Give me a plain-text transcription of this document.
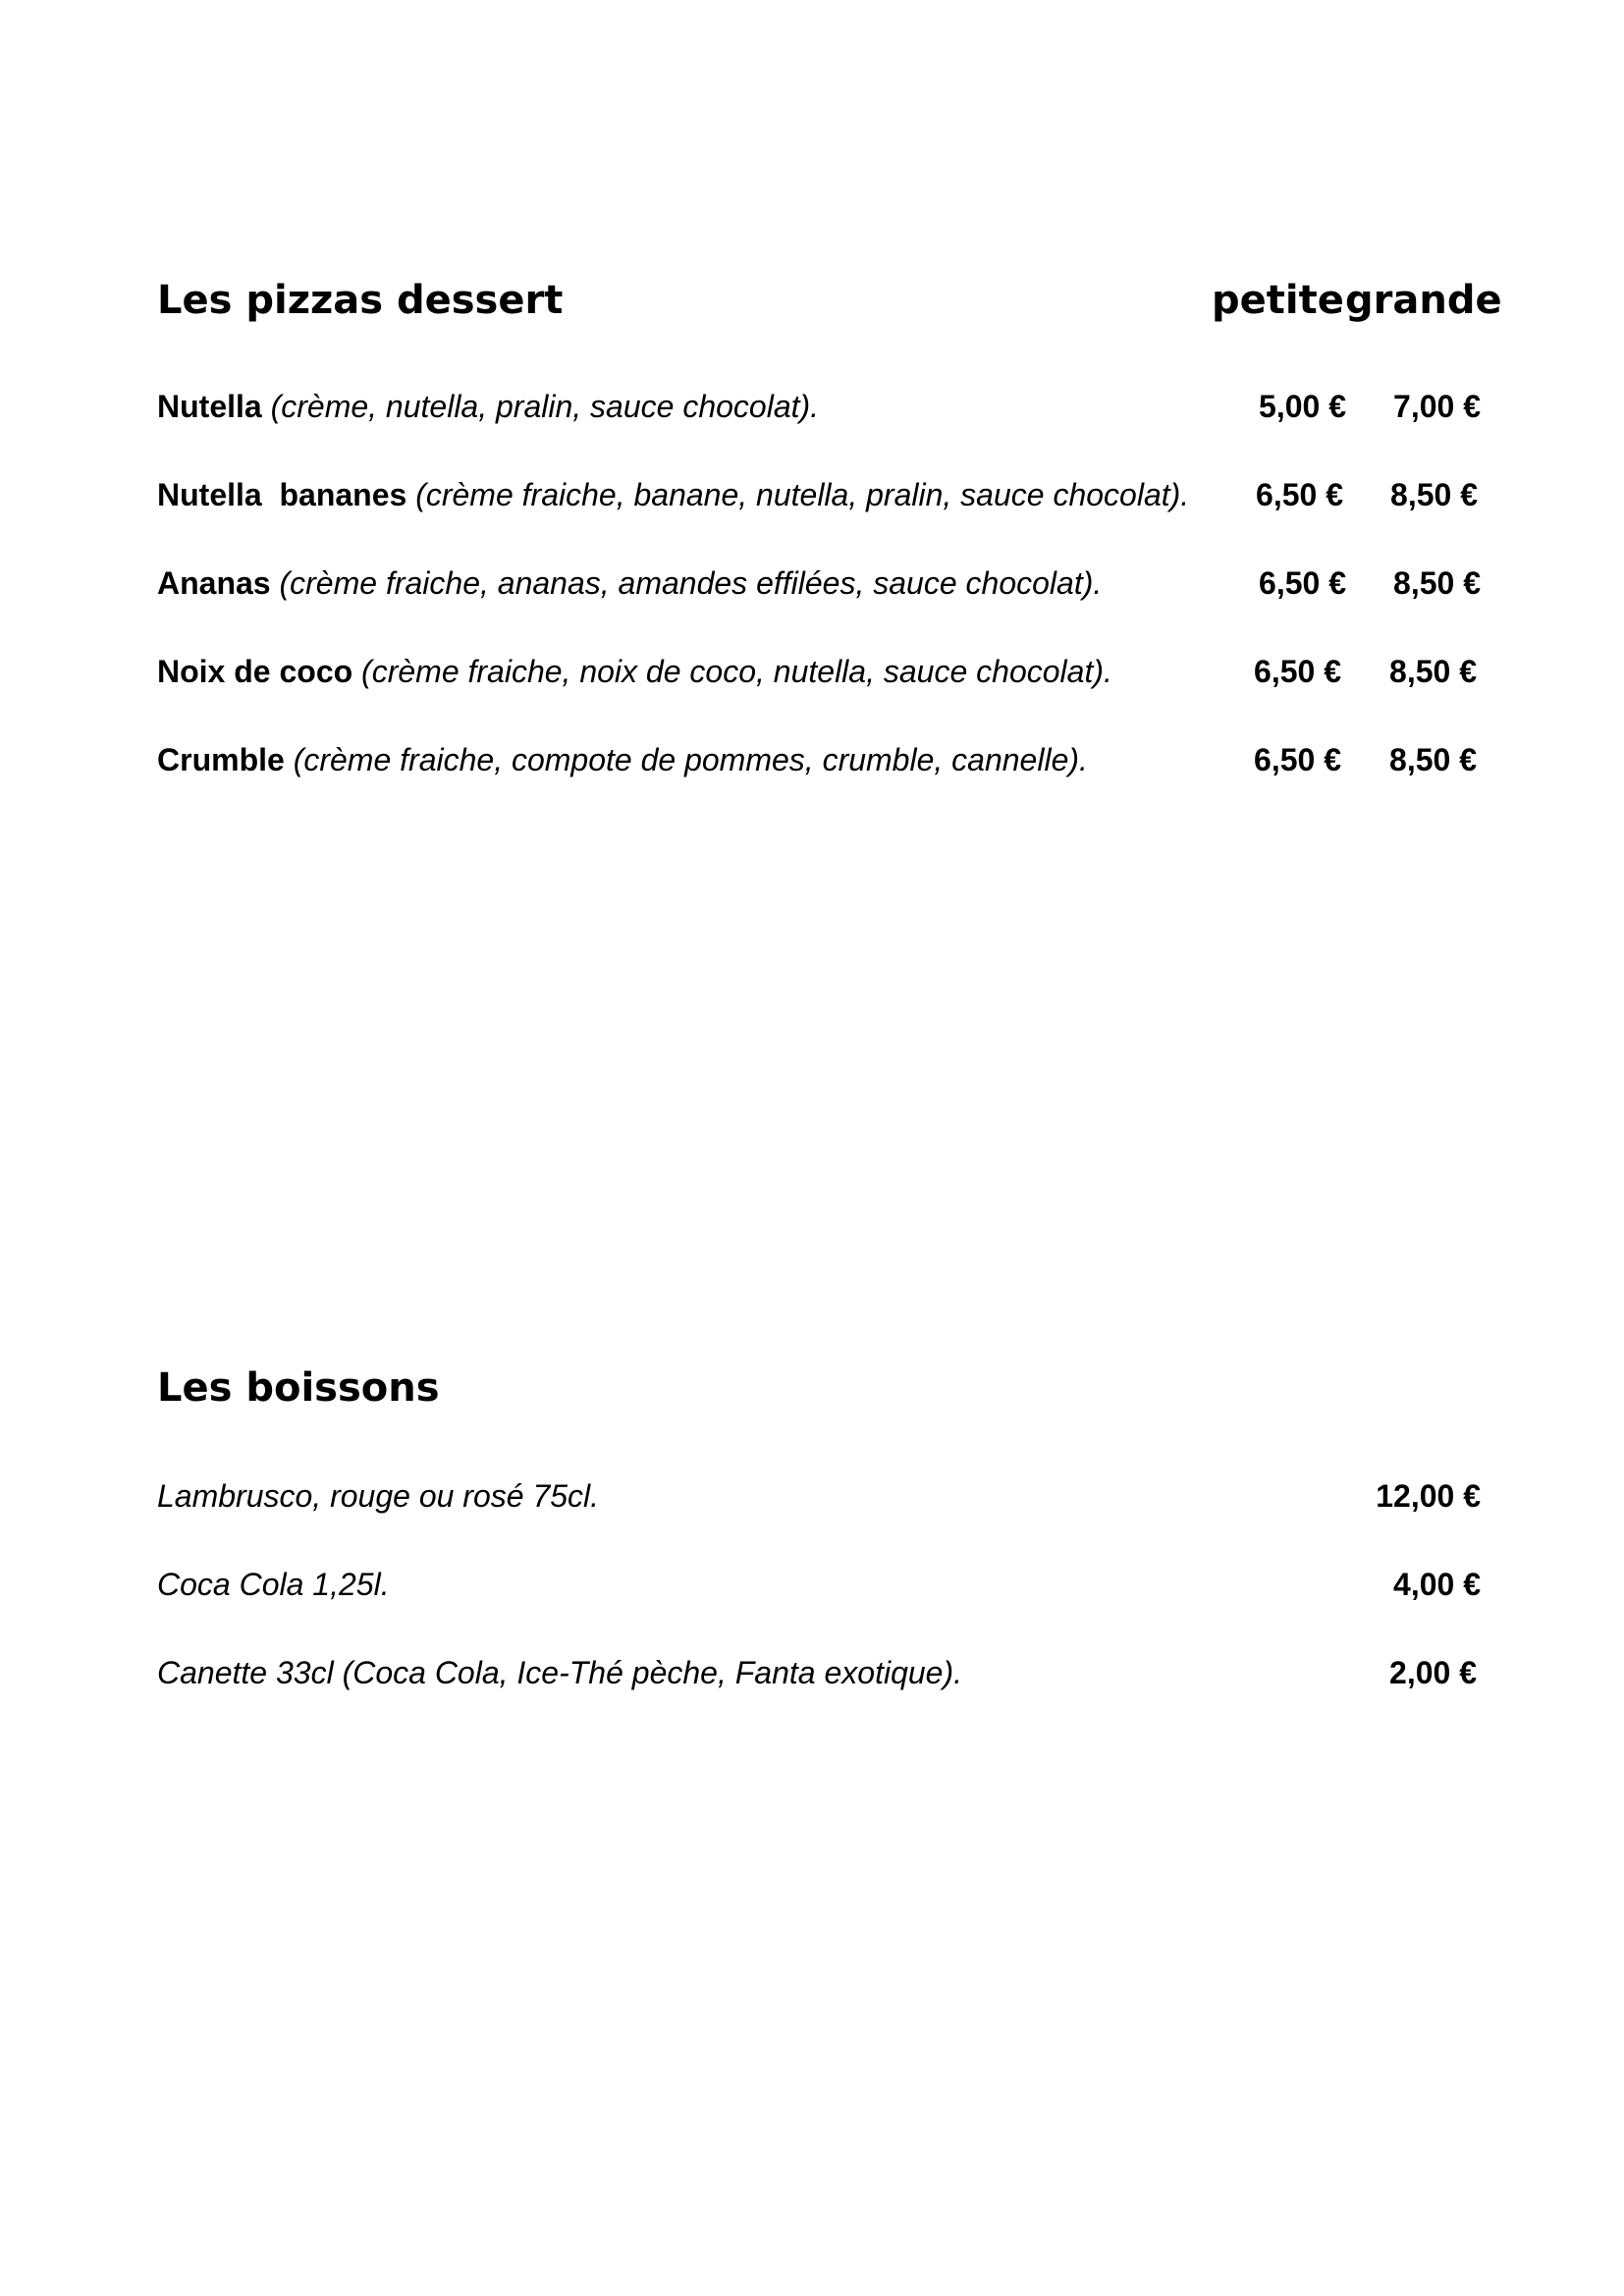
Les pizzas dessert	petite grande
Nutella (crème, nutella, pralin, sauce chocolat).	5,00 € 7,00 €
Nutella  bananes (crème fraiche, banane, nutella, pralin, sauce chocolat). 6,50 € 8,50 €
Ananas (crème fraiche, ananas, amandes effilées, sauce chocolat).	6,50 € 8,50 €
Noix de coco (crème fraiche, noix de coco, nutella, sauce chocolat).	6,50 € 8,50 €
Crumble (crème fraiche, compote de pommes, crumble, cannelle).	6,50 € 8,50 €
Les boissons
Lambrusco, rouge ou rosé 75cl.	12,00 €
Coca Cola 1,25l.	4,00 €
Canette 33cl (Coca Cola, Ice-Thé pèche, Fanta exotique).	2,00 €
